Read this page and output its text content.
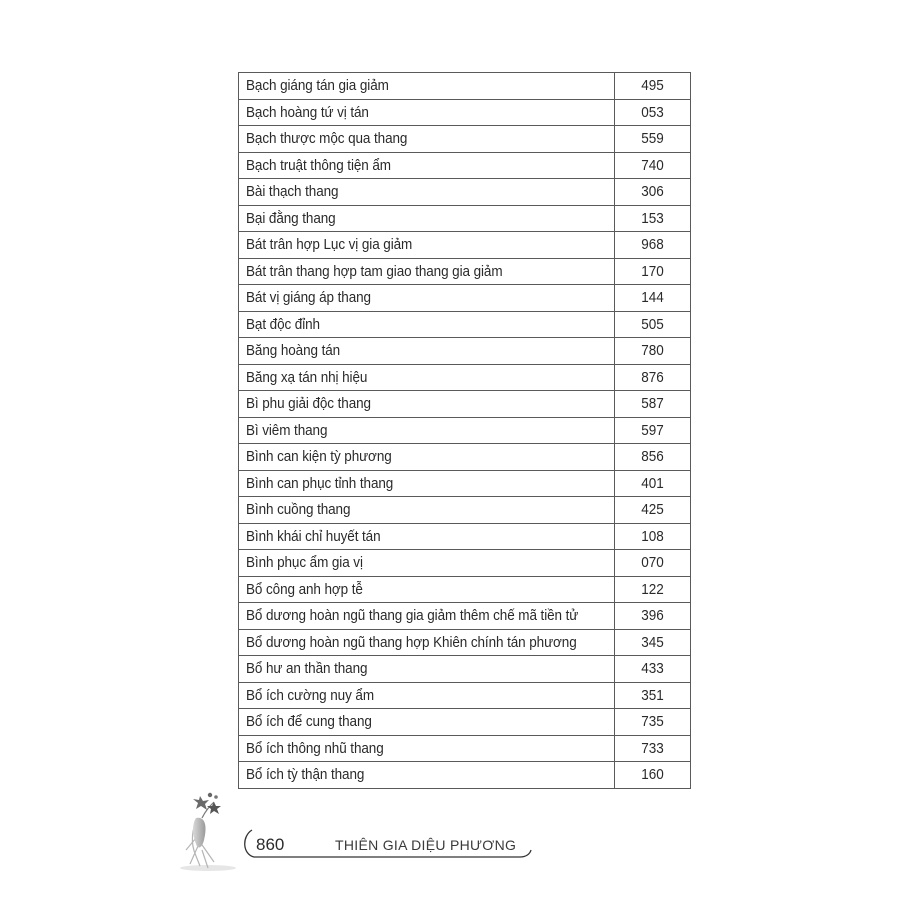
Bạch giáng tán gia giảm	495
Bạch hoàng tứ vị tán	053
Bạch thược mộc qua thang	559
Bạch truật thông tiện ẩm	740
Bài thạch thang	306
Bại đằng thang	153
Bát trân hợp Lục vị gia giảm	968
Bát trân thang hợp tam giao thang gia giảm	170
Bát vị giáng áp thang	144
Bạt độc đỉnh	505
Băng hoàng tán	780
Băng xạ tán nhị hiệu	876
Bì phu giải độc thang	587
Bì viêm thang	597
Bình can kiện tỳ phương	856
Bình can phục tỉnh thang	401
Bình cuồng thang	425
Bình khái chỉ huyết tán	108
Bình phục ẩm gia vị	070
Bổ công anh hợp tễ	122
Bổ dương hoàn ngũ thang gia giảm thêm chế mã tiền tử	396
Bổ dương hoàn ngũ thang hợp Khiên chính tán phương	345
Bổ hư an thần thang	433
Bổ ích cường nuy ẩm	351
Bổ ích để cung thang	735
Bổ ích thông nhũ thang	733
Bổ ích tỳ thận thang	160
860	THIÊN GIA DIỆU PHƯƠNG
